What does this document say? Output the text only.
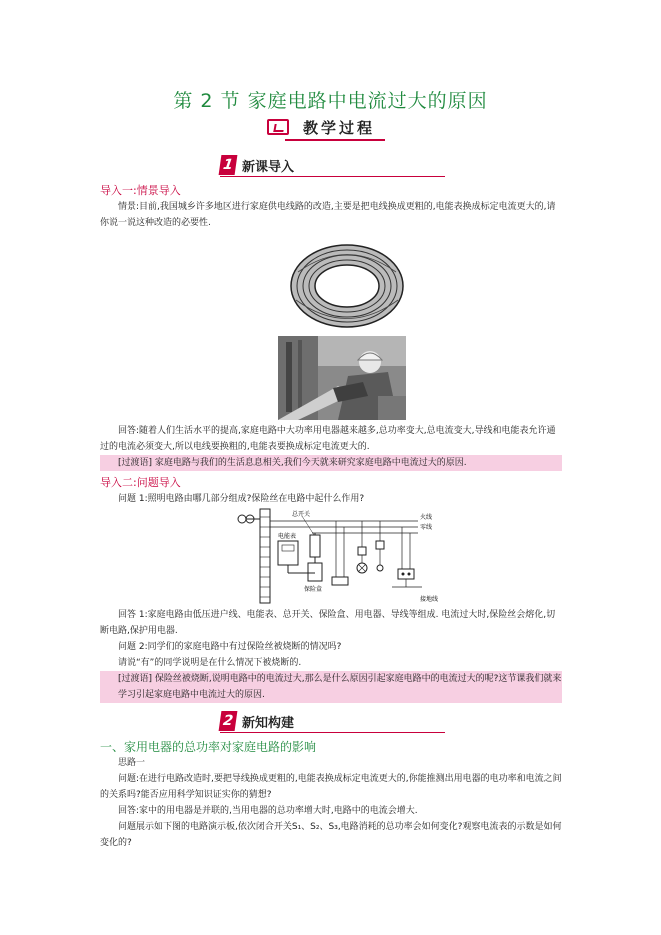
第 2 节 家庭电路中电流过大的原因
教学过程
1 新课导入
导入一:情景导入
情景:目前,我国城乡许多地区进行家庭供电线路的改造,主要是把电线换成更粗的,电能表换成标定电流更大的,请你说一说这种改造的必要性.
回答:随着人们生活水平的提高,家庭电路中大功率用电器越来越多,总功率变大,总电流变大,导线和电能表允许通过的电流必须变大,所以电线要换粗的,电能表要换成标定电流更大的.
[过渡语] 家庭电路与我们的生活息息相关,我们今天就来研究家庭电路中电流过大的原因.
导入二:问题导入
问题 1:照明电路由哪几部分组成?保险丝在电路中起什么作用?
火线
零线
电能表
总开关
保险盒
接地线
回答 1:家庭电路由低压进户线、电能表、总开关、保险盒、用电器、导线等组成. 电流过大时,保险丝会熔化,切断电路,保护用电器.
问题 2:同学们的家庭电路中有过保险丝被烧断的情况吗?
请说“有”的同学说明是在什么情况下被烧断的.
[过渡语] 保险丝被烧断,说明电路中的电流过大,那么是什么原因引起家庭电路中的电流过大的呢?这节课我们就来学习引起家庭电路中电流过大的原因.
2 新知构建
一、家用电器的总功率对家庭电路的影响
思路一
问题:在进行电路改造时,要把导线换成更粗的,电能表换成标定电流更大的,你能推测出用电器的电功率和电流之间的关系吗?能否应用科学知识证实你的猜想?
回答:家中的用电器是并联的,当用电器的总功率增大时,电路中的电流会增大.
问题展示如下图的电路演示板,依次闭合开关S₁、S₂、S₃,电路消耗的总功率会如何变化?观察电流表的示数是如何变化的?
